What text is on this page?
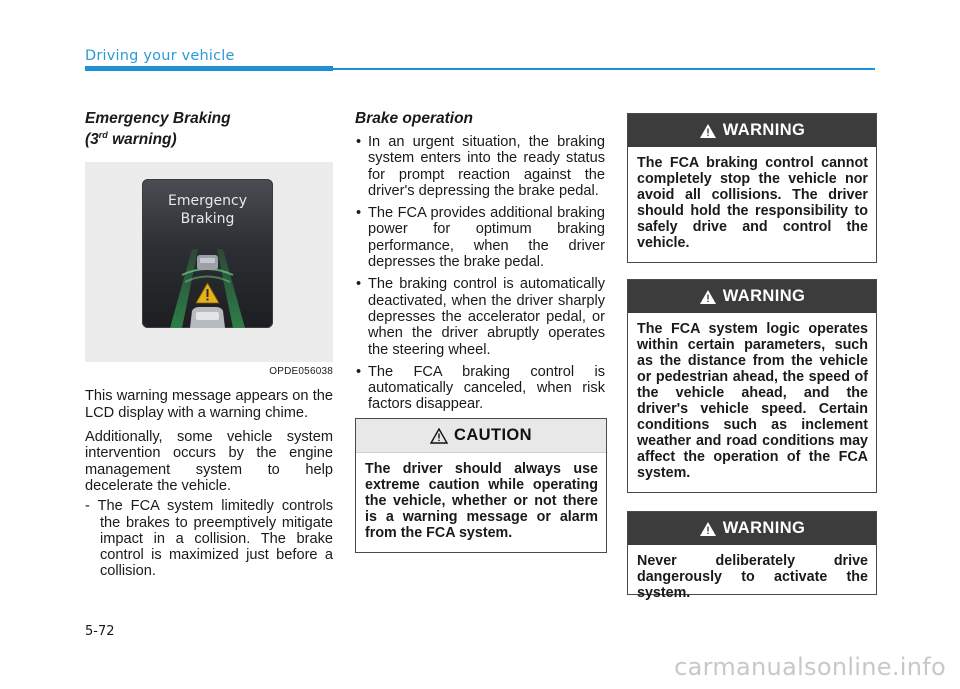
Driving your vehicle
Emergency Braking
(3rd warning)
Emergency
Braking
OPDE056038

This warning message appears on the LCD display with a warning chime.

Additionally, some vehicle system intervention occurs by the engine management system to help decelerate the vehicle.

- The FCA system limitedly controls the brakes to preemptively mitigate impact in a collision. The brake control is maximized just before a collision.
Brake operation
• In an urgent situation, the braking system enters into the ready status for prompt reaction against the driver's depressing the brake pedal.
• The FCA provides additional braking power for optimum braking performance, when the driver depresses the brake pedal.
• The braking control is automatically deactivated, when the driver sharply depresses the accelerator pedal, or when the driver abruptly operates the steering wheel.
• The FCA braking control is automatically canceled, when risk factors disappear.
CAUTION
The driver should always use extreme caution while operating the vehicle, whether or not there is a warning message or alarm from the FCA system.
WARNING
The FCA braking control cannot completely stop the vehicle nor avoid all collisions. The driver should hold the responsibility to safely drive and control the vehicle.
WARNING
The FCA system logic operates within certain parameters, such as the distance from the vehicle or pedestrian ahead, the speed of the vehicle ahead, and the driver's vehicle speed. Certain conditions such as inclement weather and road conditions may affect the operation of the FCA system.
WARNING
Never deliberately drive dangerously to activate the system.
5-72
carmanualsonline.info
